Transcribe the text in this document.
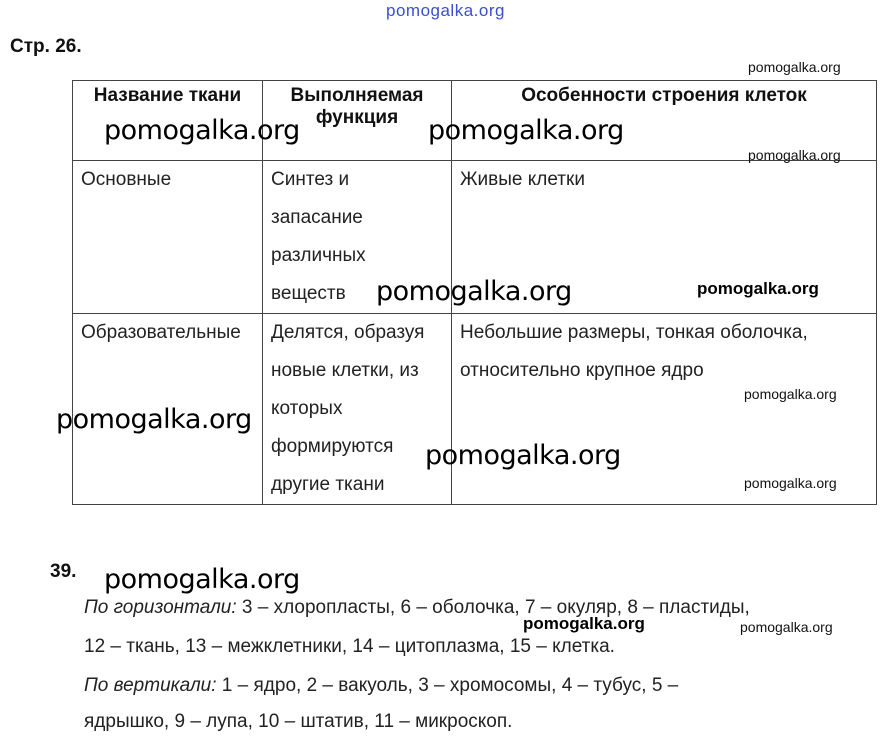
pomogalka.org
Стр. 26.
Название ткани	Выполняемая функция	Особенности строения клеток
Основные	Синтез и запасание различных веществ	Живые клетки
Образовательные	Делятся, образуя новые клетки, из которых формируются другие ткани	Небольшие размеры, тонкая оболочка, относительно крупное ядро
39.
По горизонтали: 3 – хлоропласты, 6 – оболочка, 7 – окуляр, 8 – пластиды,
12 – ткань, 13 – межклетники, 14 – цитоплазма, 15 – клетка.
По вертикали: 1 – ядро, 2 – вакуоль, 3 – хромосомы, 4 – тубус, 5 –
ядрышко, 9 – лупа, 10 – штатив, 11 – микроскоп.
pomogalka.org
pomogalka.org	pomogalka.org
pomogalka.org
pomogalka.org	pomogalka.org
pomogalka.org
pomogalka.org
pomogalka.org
pomogalka.org
pomogalka.org
pomogalka.org	pomogalka.org
